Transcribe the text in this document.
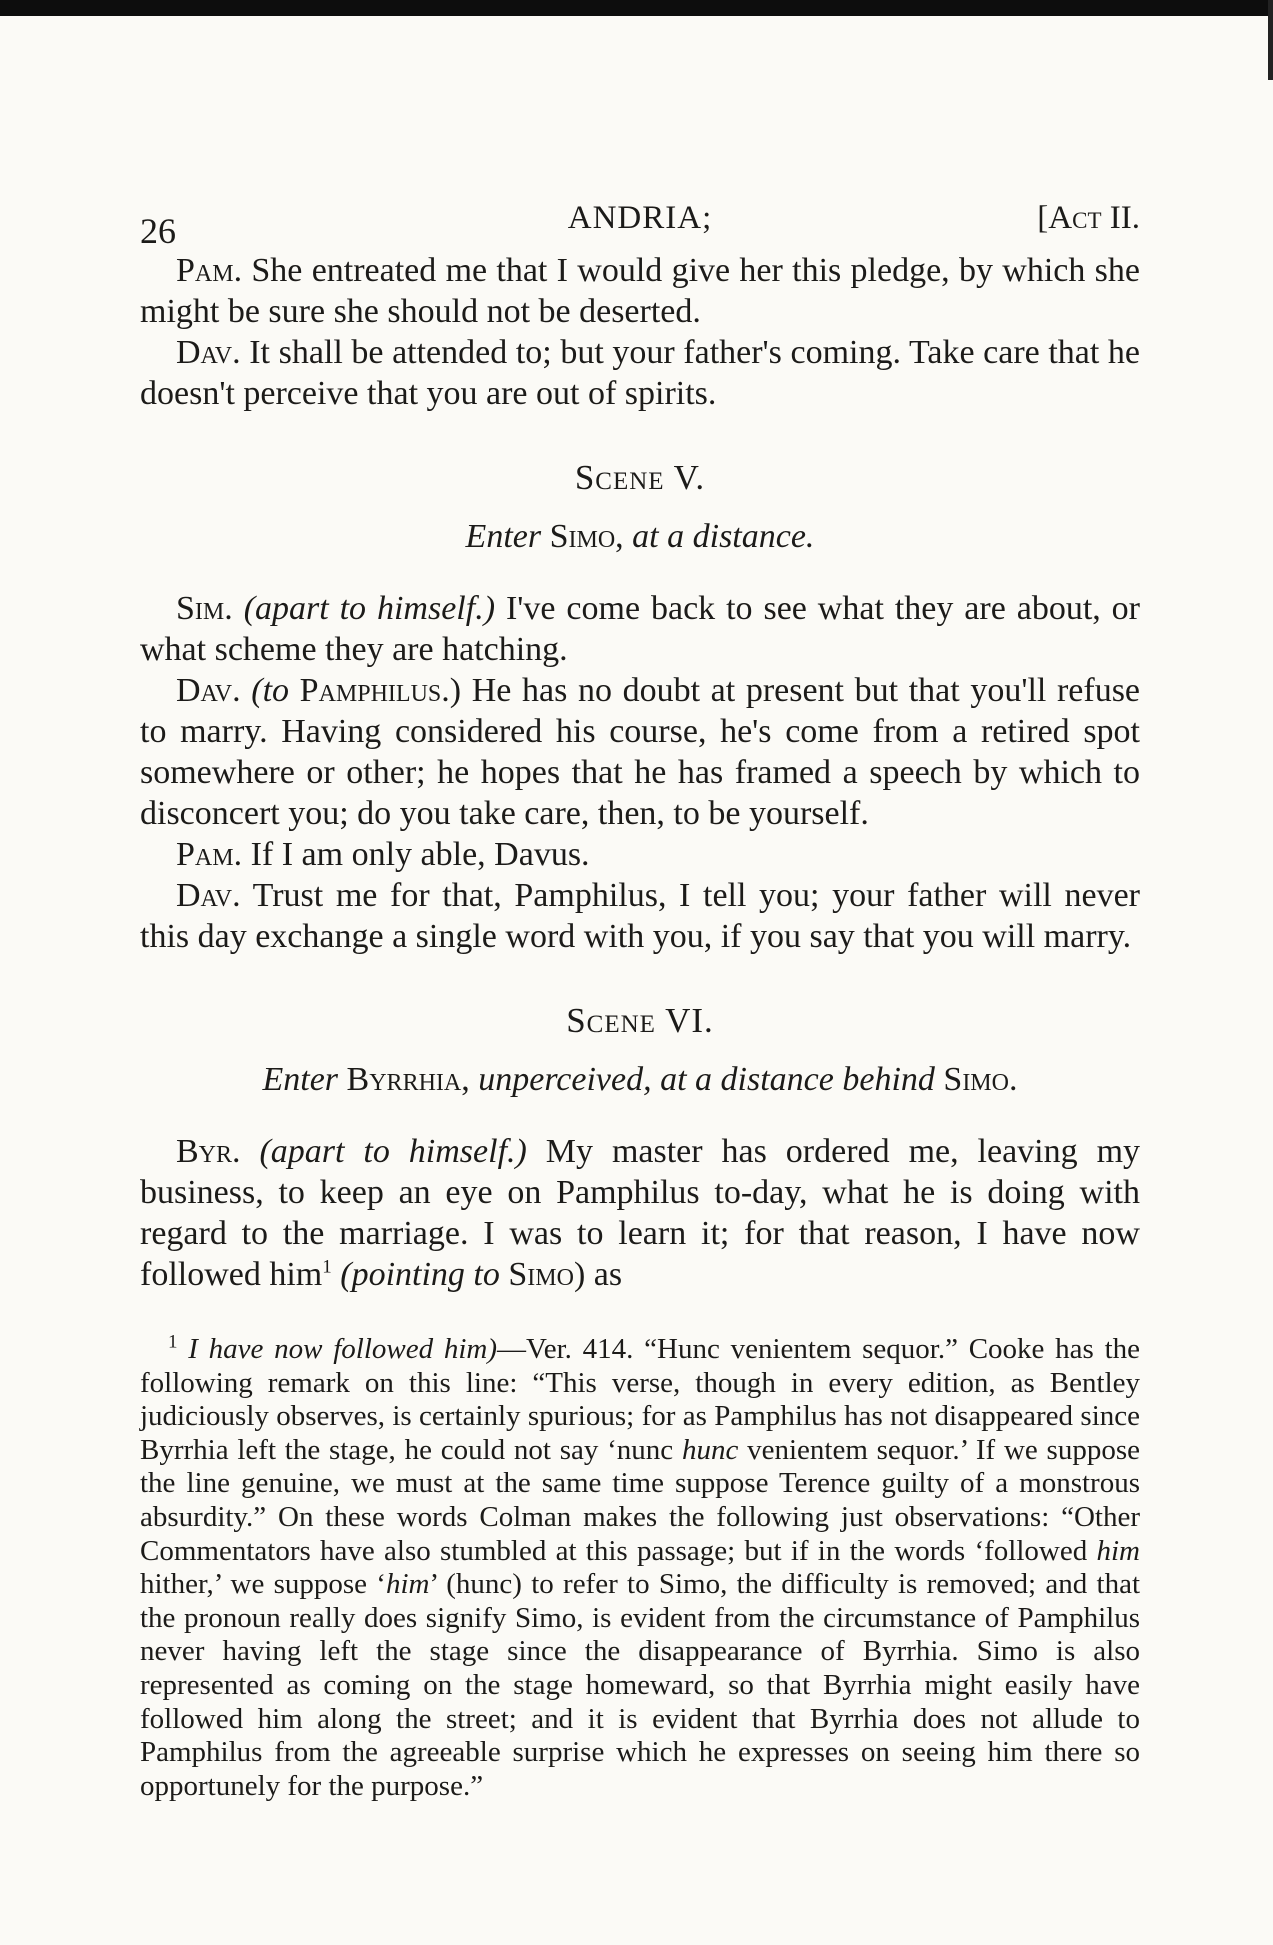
26	ANDRIA;	[Act II.

Pam. She entreated me that I would give her this pledge, by which she might be sure she should not be deserted.

Dav. It shall be attended to; but your father's coming. Take care that he doesn't perceive that you are out of spirits.

Scene V.
Enter Simo, at a distance.

Sim. (apart to himself.) I've come back to see what they are about, or what scheme they are hatching.

Dav. (to Pamphilus.) He has no doubt at present but that you'll refuse to marry. Having considered his course, he's come from a retired spot somewhere or other; he hopes that he has framed a speech by which to disconcert you; do you take care, then, to be yourself.

Pam. If I am only able, Davus.

Dav. Trust me for that, Pamphilus, I tell you; your father will never this day exchange a single word with you, if you say that you will marry.

Scene VI.
Enter Byrrhia, unperceived, at a distance behind Simo.

Byr. (apart to himself.) My master has ordered me, leaving my business, to keep an eye on Pamphilus to-day, what he is doing with regard to the marriage. I was to learn it; for that reason, I have now followed him$^1$ (pointing to Simo) as

$^1$ I have now followed him)—Ver. 414. “Hunc venientem sequor.” Cooke has the following remark on this line: “This verse, though in every edition, as Bentley judiciously observes, is certainly spurious; for as Pamphilus has not disappeared since Byrrhia left the stage, he could not say ‘nunc hunc venientem sequor.’ If we suppose the line genuine, we must at the same time suppose Terence guilty of a monstrous absurdity.” On these words Colman makes the following just observations: “Other Commentators have also stumbled at this passage; but if in the words ‘followed him hither,’ we suppose ‘him’ (hunc) to refer to Simo, the difficulty is removed; and that the pronoun really does signify Simo, is evident from the circumstance of Pamphilus never having left the stage since the disappearance of Byrrhia. Simo is also represented as coming on the stage homeward, so that Byrrhia might easily have followed him along the street; and it is evident that Byrrhia does not allude to Pamphilus from the agreeable surprise which he expresses on seeing him there so opportunely for the purpose.”
